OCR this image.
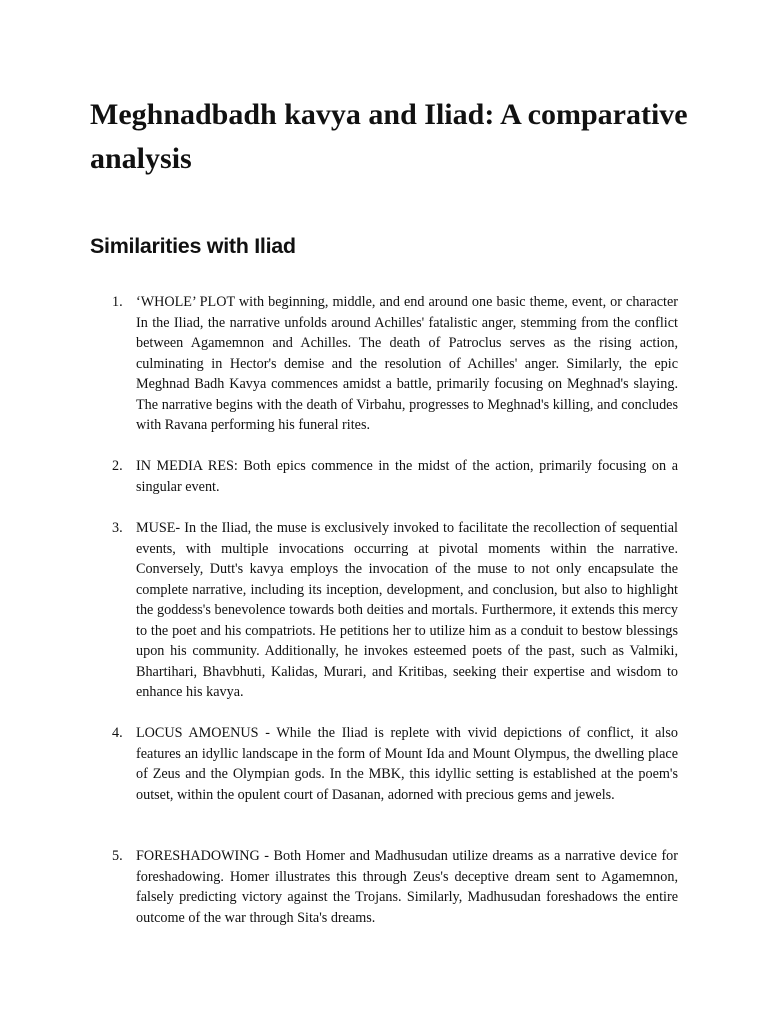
Meghnadbadh kavya and Iliad: A comparative analysis
Similarities with Iliad
1. ‘WHOLE’ PLOT with beginning, middle, and end around one basic theme, event, or character In the Iliad, the narrative unfolds around Achilles' fatalistic anger, stemming from the conflict between Agamemnon and Achilles. The death of Patroclus serves as the rising action, culminating in Hector's demise and the resolution of Achilles' anger. Similarly, the epic Meghnad Badh Kavya commences amidst a battle, primarily focusing on Meghnad's slaying. The narrative begins with the death of Virbahu, progresses to Meghnad's killing, and concludes with Ravana performing his funeral rites.

2. IN MEDIA RES: Both epics commence in the midst of the action, primarily focusing on a singular event.

3. MUSE- In the Iliad, the muse is exclusively invoked to facilitate the recollection of sequential events, with multiple invocations occurring at pivotal moments within the narrative. Conversely, Dutt's kavya employs the invocation of the muse to not only encapsulate the complete narrative, including its inception, development, and conclusion, but also to highlight the goddess's benevolence towards both deities and mortals. Furthermore, it extends this mercy to the poet and his compatriots. He petitions her to utilize him as a conduit to bestow blessings upon his community. Additionally, he invokes esteemed poets of the past, such as Valmiki, Bhartihari, Bhavbhuti, Kalidas, Murari, and Kritibas, seeking their expertise and wisdom to enhance his kavya.

4. LOCUS AMOENUS - While the Iliad is replete with vivid depictions of conflict, it also features an idyllic landscape in the form of Mount Ida and Mount Olympus, the dwelling place of Zeus and the Olympian gods. In the MBK, this idyllic setting is established at the poem's outset, within the opulent court of Dasanan, adorned with precious gems and jewels.

5. FORESHADOWING - Both Homer and Madhusudan utilize dreams as a narrative device for foreshadowing. Homer illustrates this through Zeus's deceptive dream sent to Agamemnon, falsely predicting victory against the Trojans. Similarly, Madhusudan foreshadows the entire outcome of the war through Sita's dreams.
